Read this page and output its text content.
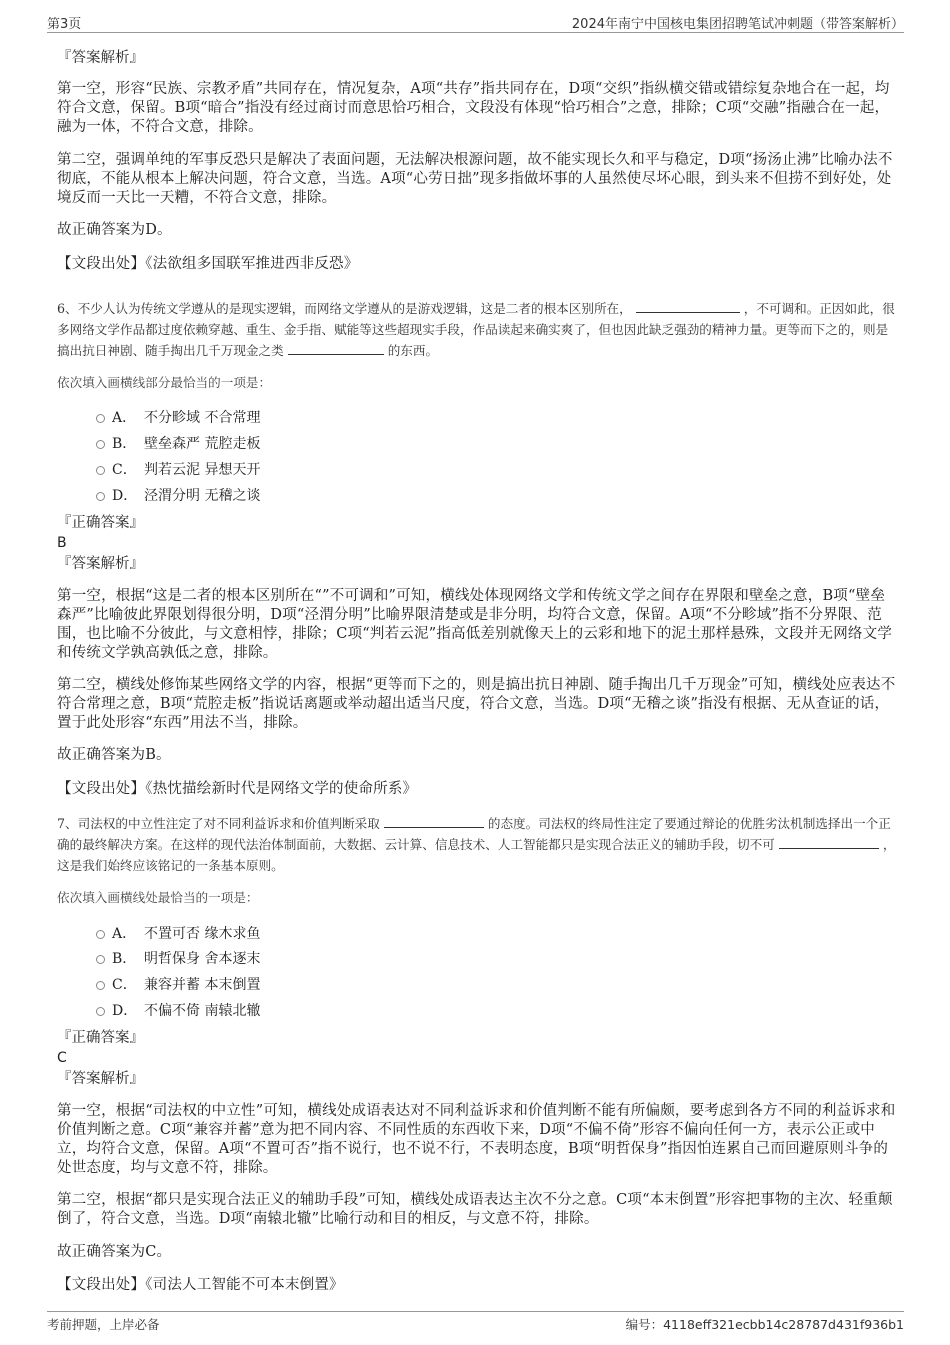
第3页	2024年南宁中国核电集团招聘笔试冲刺题（带答案解析）
『答案解析』

第一空，形容“民族、宗教矛盾”共同存在，情况复杂，A项“共存”指共同存在，D项“交织”指纵横交错或错综复杂地合在一起，均符合文意，保留。B项“暗合”指没有经过商讨而意思恰巧相合，文段没有体现“恰巧相合”之意，排除；C项“交融”指融合在一起，融为一体，不符合文意，排除。

第二空，强调单纯的军事反恐只是解决了表面问题，无法解决根源问题，故不能实现长久和平与稳定，D项“扬汤止沸”比喻办法不彻底，不能从根本上解决问题，符合文意，当选。A项“心劳日拙”现多指做坏事的人虽然使尽坏心眼，到头来不但捞不到好处，处境反而一天比一天糟，不符合文意，排除。

故正确答案为D。
【文段出处】《法欲组多国联军推进西非反恐》

6、不少人认为传统文学遵从的是现实逻辑，而网络文学遵从的是游戏逻辑，这是二者的根本区别所在，	，不可调和。正因如此，很多网络文学作品都过度依赖穿越、重生、金手指、赋能等这些超现实手段，作品读起来确实爽了，但也因此缺乏强劲的精神力量。更等而下之的，则是搞出抗日神剧、随手掏出几千万现金之类	的东西。

依次填入画横线部分最恰当的一项是：
A． 不分畛域 不合常理
B． 壁垒森严 荒腔走板
C． 判若云泥 异想天开
D． 泾渭分明 无稽之谈
『正确答案』
B
『答案解析』

第一空，根据“这是二者的根本区别所在“”不可调和”可知，横线处体现网络文学和传统文学之间存在界限和壁垒之意，B项“壁垒森严”比喻彼此界限划得很分明，D项“泾渭分明”比喻界限清楚或是非分明，均符合文意，保留。A项“不分畛域”指不分界限、范围，也比喻不分彼此，与文意相悖，排除；C项“判若云泥”指高低差别就像天上的云彩和地下的泥土那样悬殊，文段并无网络文学和传统文学孰高孰低之意，排除。

第二空，横线处修饰某些网络文学的内容，根据“更等而下之的，则是搞出抗日神剧、随手掏出几千万现金”可知，横线处应表达不符合常理之意，B项“荒腔走板”指说话离题或举动超出适当尺度，符合文意，当选。D项“无稽之谈”指没有根据、无从查证的话，置于此处形容“东西”用法不当，排除。

故正确答案为B。
【文段出处】《热忱描绘新时代是网络文学的使命所系》

7、司法权的中立性注定了对不同利益诉求和价值判断采取	的态度。司法权的终局性注定了要通过辩论的优胜劣汰机制选择出一个正确的最终解决方案。在这样的现代法治体制面前，大数据、云计算、信息技术、人工智能都只是实现合法正义的辅助手段，切不可	，这是我们始终应该铭记的一条基本原则。

依次填入画横线处最恰当的一项是：
A． 不置可否 缘木求鱼
B． 明哲保身 舍本逐末
C． 兼容并蓄 本末倒置
D． 不偏不倚 南辕北辙
『正确答案』
C
『答案解析』

第一空，根据“司法权的中立性”可知，横线处成语表达对不同利益诉求和价值判断不能有所偏颇，要考虑到各方不同的利益诉求和价值判断之意。C项“兼容并蓄”意为把不同内容、不同性质的东西收下来，D项“不偏不倚”形容不偏向任何一方，表示公正或中立，均符合文意，保留。A项“不置可否”指不说行，也不说不行，不表明态度，B项“明哲保身”指因怕连累自己而回避原则斗争的处世态度，均与文意不符，排除。

第二空，根据“都只是实现合法正义的辅助手段”可知，横线处成语表达主次不分之意。C项“本末倒置”形容把事物的主次、轻重颠倒了，符合文意，当选。D项“南辕北辙”比喻行动和目的相反，与文意不符，排除。

故正确答案为C。
【文段出处】《司法人工智能不可本末倒置》
考前押题，上岸必备	编号：4118eff321ecbb14c28787d431f936b1
